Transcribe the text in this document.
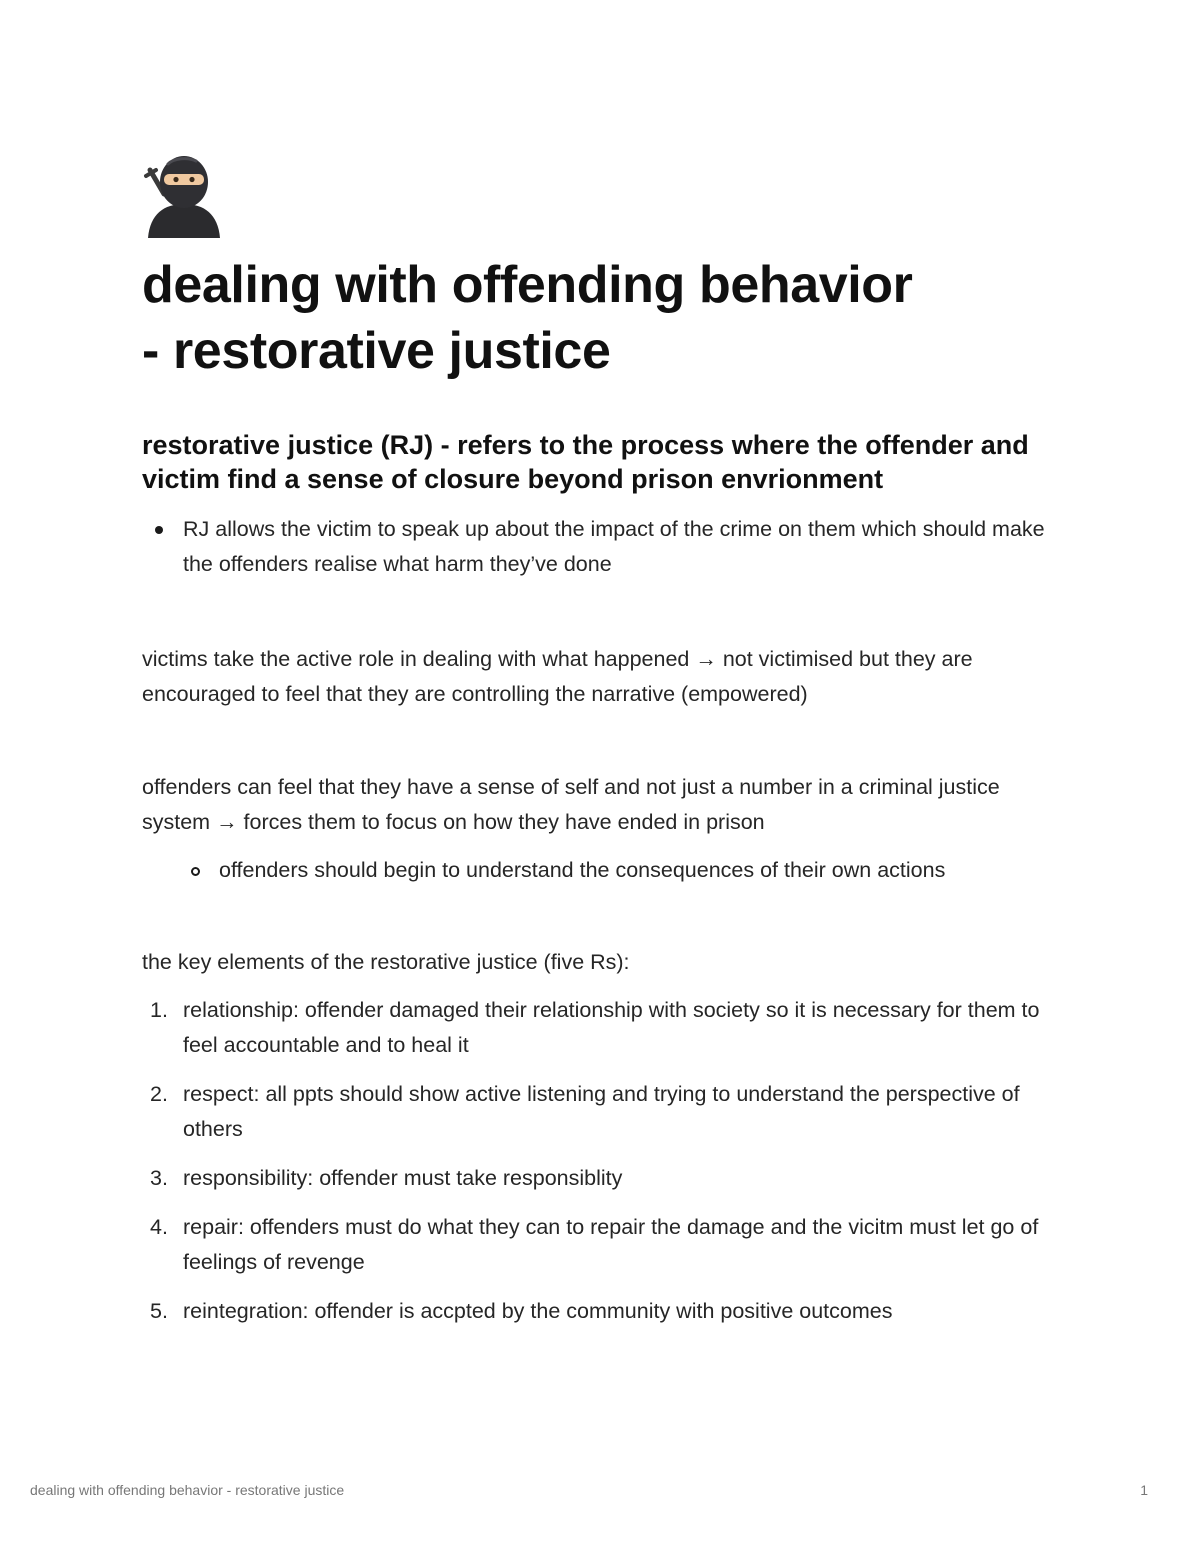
dealing with offending behavior
- restorative justice
restorative justice (RJ) - refers to the process where the offender and victim find a sense of closure beyond prison envrionment
RJ allows the victim to speak up about the impact of the crime on them which should make the offenders realise what harm they’ve done

victims take the active role in dealing with what happened → not victimised but they are encouraged to feel that they are controlling the narrative (empowered)

offenders can feel that they have a sense of self and not just a number in a criminal justice system → forces them to focus on how they have ended in prison

offenders should begin to understand the consequences of their own actions

the key elements of the restorative justice (five Rs):

1. relationship: offender damaged their relationship with society so it is necessary for them to feel accountable and to heal it
2. respect: all ppts should show active listening and trying to understand the perspective of others
3. responsibility: offender must take responsiblity
4. repair: offenders must do what they can to repair the damage and the vicitm must let go of feelings of revenge
5. reintegration: offender is accpted by the community with positive outcomes
dealing with offending behavior - restorative justice	1
